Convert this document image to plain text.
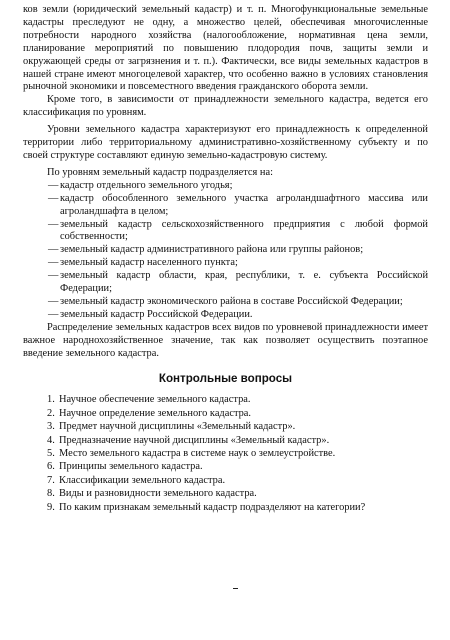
ков земли (юридический земельный кадастр) и т. п. Многофункциональные земельные кадастры преследуют не одну, а множество целей, обеспечивая многочисленные потребности народного хозяйства (налогообложение, нормативная цена земли, планирование мероприятий по повышению плодородия почв, защиты земли и окружающей среды от загрязнения и т. п.). Фактически, все виды земельных кадастров в нашей стране имеют многоцелевой характер, что особенно важно в условиях становления рыночной экономики и повсеместного введения гражданского оборота земли.

Кроме того, в зависимости от принадлежности земельного кадастра, ведется его классификация по уровням.

Уровни земельного кадастра характеризуют его принадлежность к определенной территории либо территориальному административно-хозяйственному субъекту и по своей структуре составляют единую земельно-кадастровую систему.

По уровням земельный кадастр подразделяется на:

— кадастр отдельного земельного угодья;
— кадастр обособленного земельного участка агроландшафтного массива или агроландшафта в целом;
— земельный кадастр сельскохозяйственного предприятия с любой формой собственности;
— земельный кадастр административного района или группы районов;
— земельный кадастр населенного пункта;
— земельный кадастр области, края, республики, т. е. субъекта Российской Федерации;
— земельный кадастр экономического района в составе Российской Федерации;
— земельный кадастр Российской Федерации.

Распределение земельных кадастров всех видов по уровневой принадлежности имеет важное народнохозяйственное значение, так как позволяет осуществить поэтапное введение земельного кадастра.

Контрольные вопросы
1. Научное обеспечение земельного кадастра.
2. Научное определение земельного кадастра.
3. Предмет научной дисциплины «Земельный кадастр».
4. Предназначение научной дисциплины «Земельный кадастр».
5. Место земельного кадастра в системе наук о землеустройстве.
6. Принципы земельного кадастра.
7. Классификации земельного кадастра.
8. Виды и разновидности земельного кадастра.
9. По каким признакам земельный кадастр подразделяют на категории?
